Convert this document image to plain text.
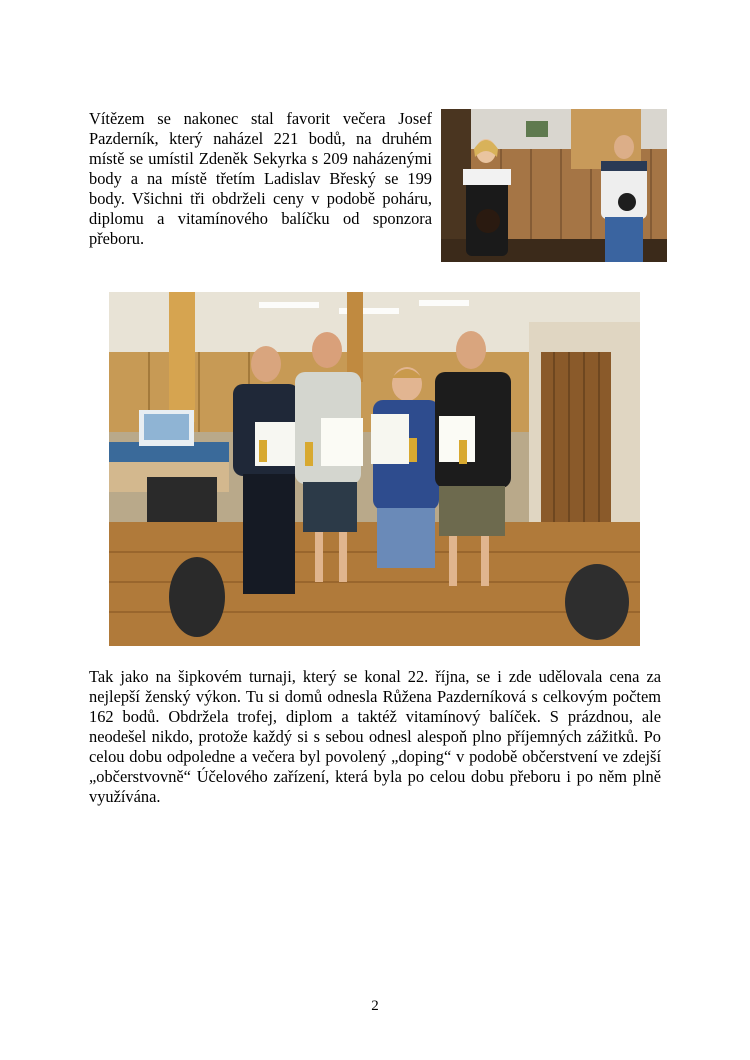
Vítězem se nakonec stal favorit večera Josef Pazderník, který naházel 221 bodů, na druhém místě se umístil Zdeněk Sekyrka s 209 naházenými body a na místě třetím Ladislav Břeský se 199 body. Všichni tři obdrželi ceny v podobě poháru, diplomu a vitamínového balíčku od sponzora přeboru.

Tak jako na šipkovém turnaji, který se konal 22. října, se i zde udělovala cena za nejlepší ženský výkon. Tu si domů odnesla Růžena Pazderníková s celkovým počtem 162 bodů. Obdržela trofej, diplom a taktéž vitamínový balíček. S prázdnou, ale neodešel nikdo, protože každý si s sebou odnesl alespoň plno příjemných zážitků. Po celou dobu odpoledne a večera byl povolený „doping“ v podobě občerstvení ve zdejší „občerstvovně“ Účelového zařízení, která byla po celou dobu přeboru i po něm plně využívána.

2
